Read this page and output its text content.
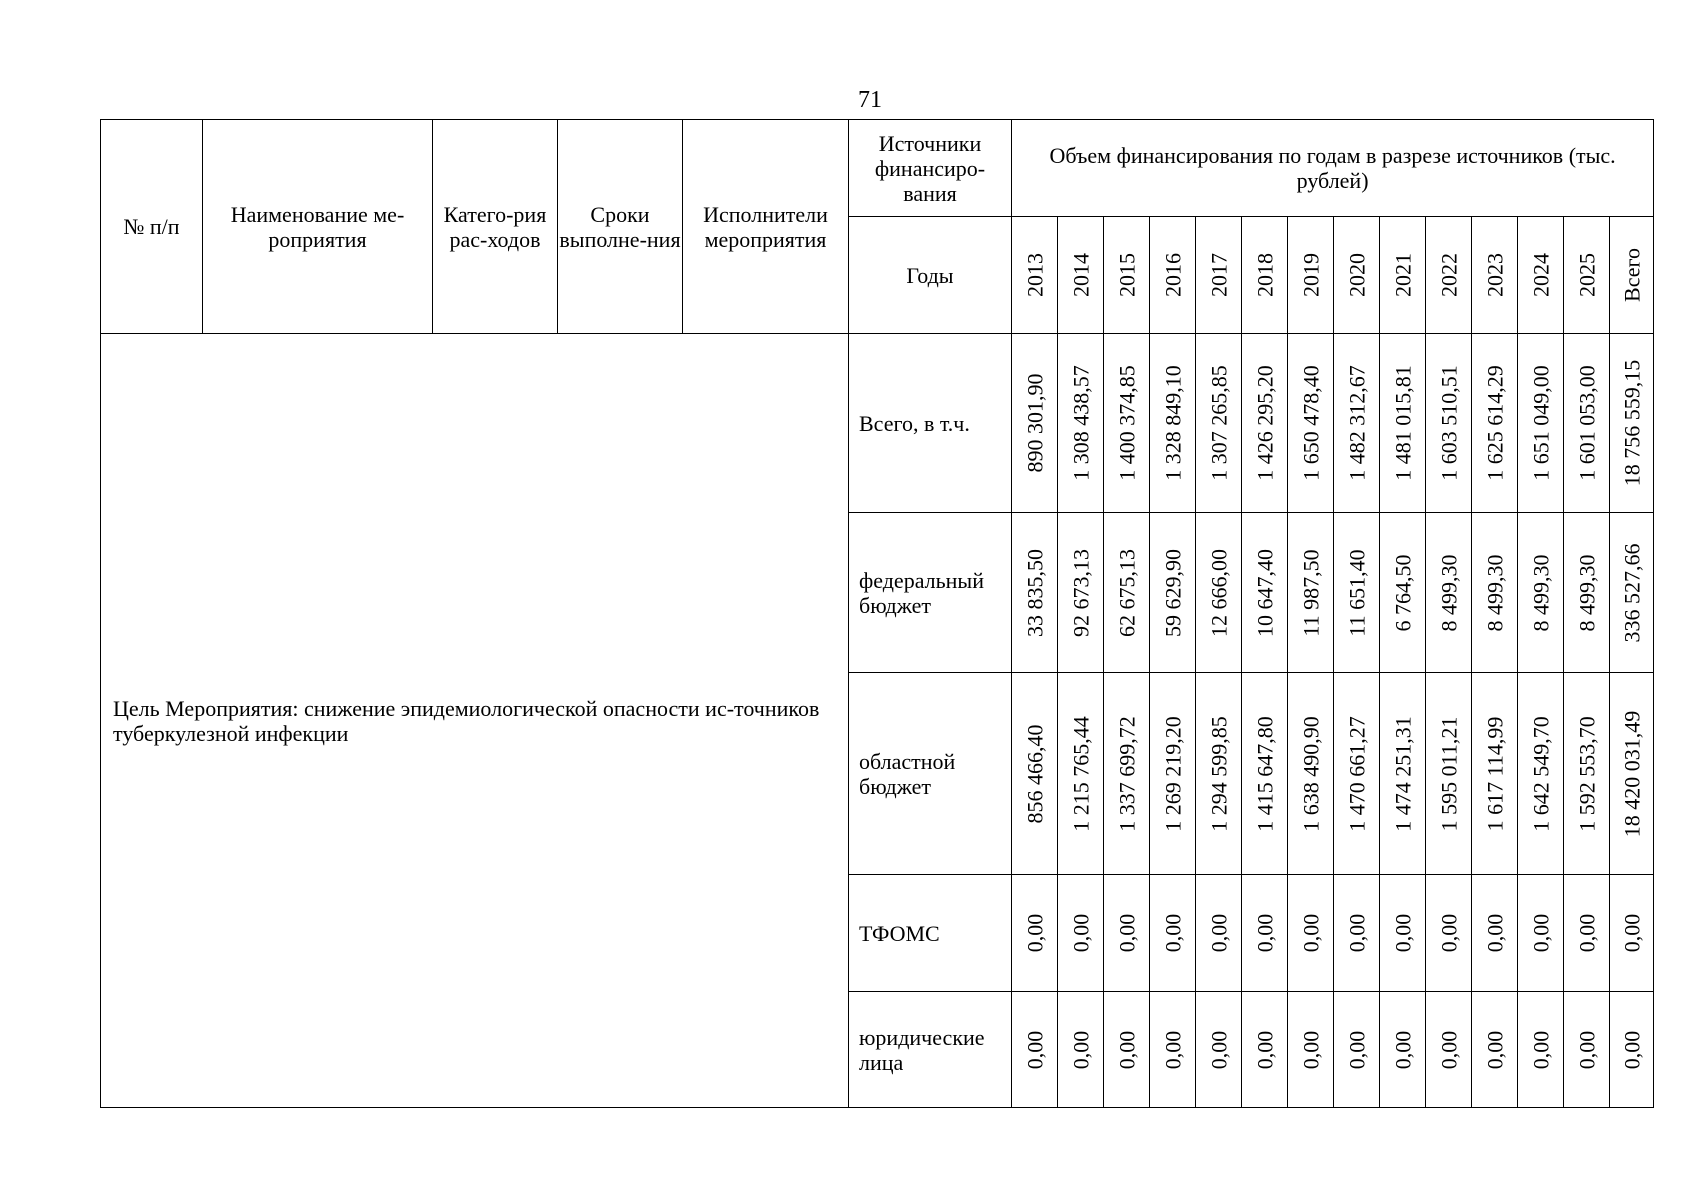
71
№ п/п	Наименование ме-роприятия	Катего-рия рас-ходов	Сроки выполне-ния	Исполнители мероприятия	Источники финансиро-вания	Объем финансирования по годам в разрезе источников (тыс. рублей)													
					Годы	2013	2014	2015	2016	2017	2018	2019	2020	2021	2022	2023	2024	2025	Всего

Цель Мероприятия: снижение эпидемиологической опасности ис-точников туберкулезной инфекции					Всего, в т.ч.	890 301,90	1 308 438,57	1 400 374,85	1 328 849,10	1 307 265,85	1 426 295,20	1 650 478,40	1 482 312,67	1 481 015,81	1 603 510,51	1 625 614,29	1 651 049,00	1 601 053,00	18 756 559,15

					федеральный бюджет	33 835,50	92 673,13	62 675,13	59 629,90	12 666,00	10 647,40	11 987,50	11 651,40	6 764,50	8 499,30	8 499,30	8 499,30	8 499,30	336 527,66

					областной бюджет	856 466,40	1 215 765,44	1 337 699,72	1 269 219,20	1 294 599,85	1 415 647,80	1 638 490,90	1 470 661,27	1 474 251,31	1 595 011,21	1 617 114,99	1 642 549,70	1 592 553,70	18 420 031,49

					ТФОМС	0,00	0,00	0,00	0,00	0,00	0,00	0,00	0,00	0,00	0,00	0,00	0,00	0,00	0,00

					юридические лица	0,00	0,00	0,00	0,00	0,00	0,00	0,00	0,00	0,00	0,00	0,00	0,00	0,00	0,00
